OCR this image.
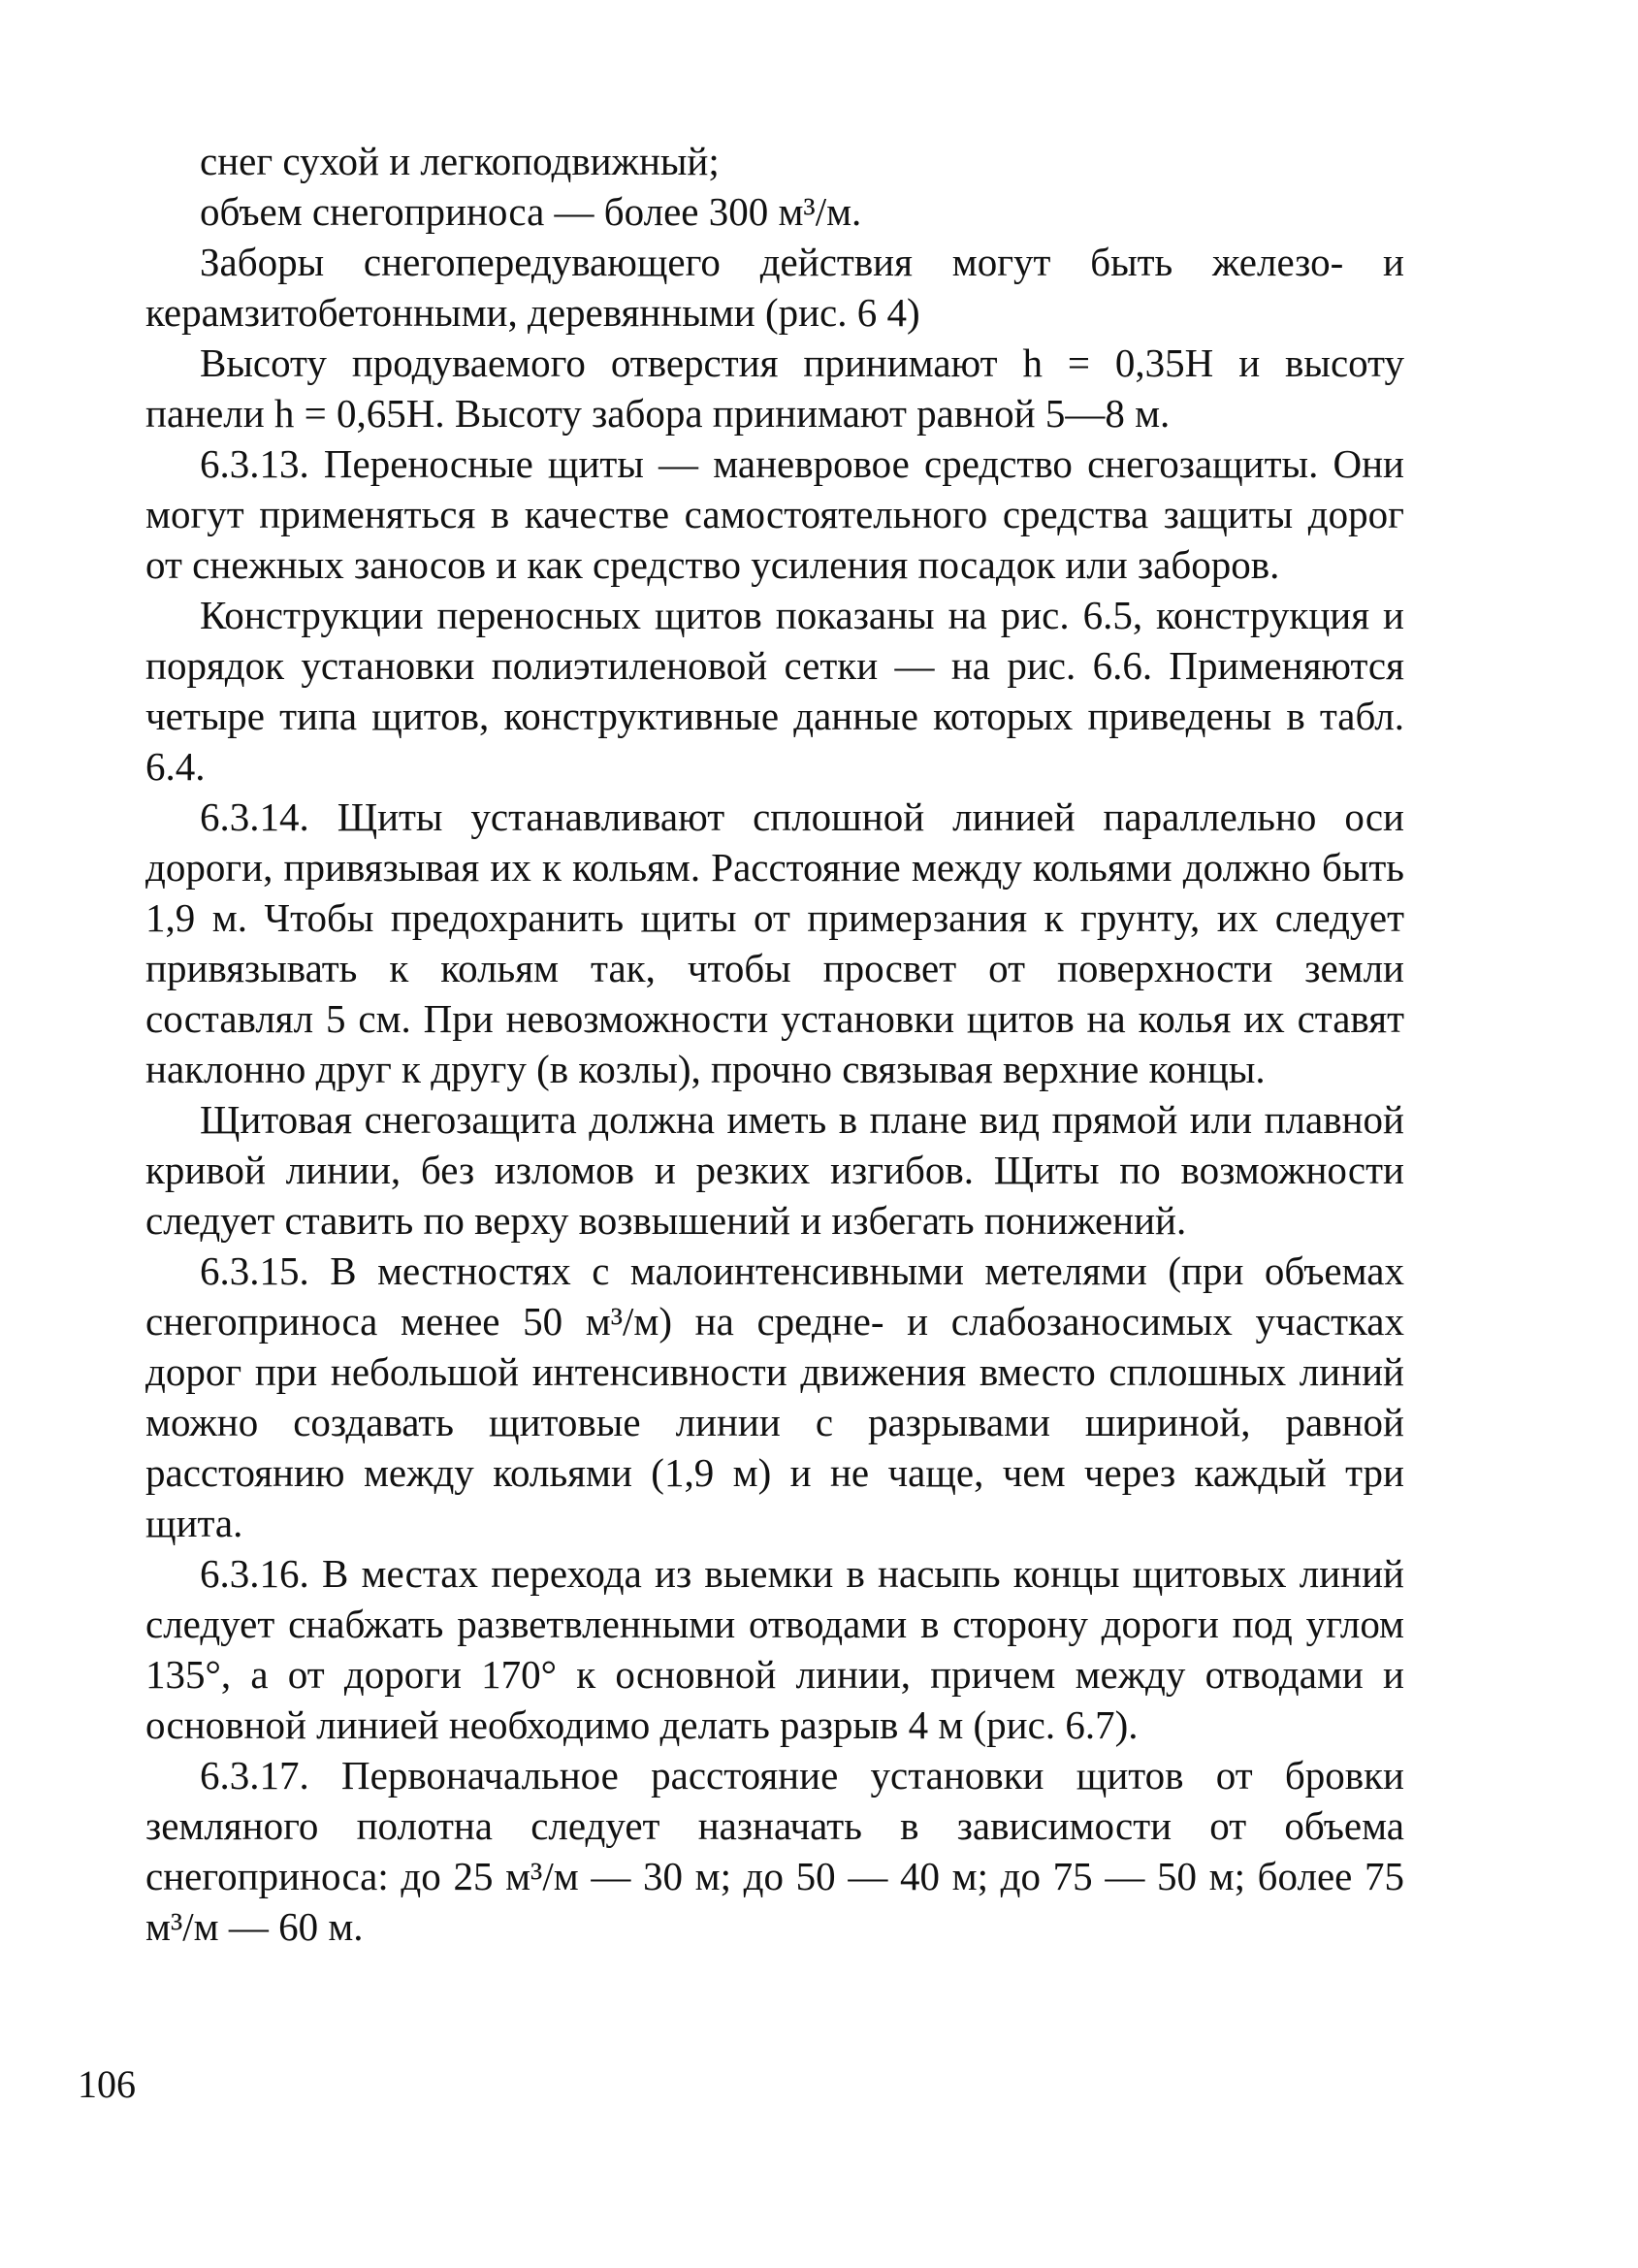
снег сухой и легкоподвижный;

объем снегоприноса — более 300 м³/м.

Заборы снегопередувающего действия могут быть железо- и керамзитобетонными, деревянными (рис. 6 4)

Высоту продуваемого отверстия принимают h = 0,35H и высоту панели h = 0,65H. Высоту забора принимают равной 5—8 м.

6.3.13. Переносные щиты — маневровое средство снегозащиты. Они могут применяться в качестве самостоятельного средства защиты дорог от снежных заносов и как средство усиления посадок или заборов.

Конструкции переносных щитов показаны на рис. 6.5, конструкция и порядок установки полиэтиленовой сетки — на рис. 6.6. Применяются четыре типа щитов, конструктивные данные которых приведены в табл. 6.4.

6.3.14. Щиты устанавливают сплошной линией параллельно оси дороги, привязывая их к кольям. Расстояние между кольями должно быть 1,9 м. Чтобы предохранить щиты от примерзания к грунту, их следует привязывать к кольям так, чтобы просвет от поверхности земли составлял 5 см. При невозможности установки щитов на колья их ставят наклонно друг к другу (в козлы), прочно связывая верхние концы.

Щитовая снегозащита должна иметь в плане вид прямой или плавной кривой линии, без изломов и резких изгибов. Щиты по возможности следует ставить по верху возвышений и избегать понижений.

6.3.15. В местностях с малоинтенсивными метелями (при объемах снегоприноса менее 50 м³/м) на средне- и слабозаносимых участках дорог при небольшой интенсивности движения вместо сплошных линий можно создавать щитовые линии с разрывами шириной, равной расстоянию между кольями (1,9 м) и не чаще, чем через каждый три щита.

6.3.16. В местах перехода из выемки в насыпь концы щитовых линий следует снабжать разветвленными отводами в сторону дороги под углом 135°, а от дороги 170° к основной линии, причем между отводами и основной линией необходимо делать разрыв 4 м (рис. 6.7).

6.3.17. Первоначальное расстояние установки щитов от бровки земляного полотна следует назначать в зависимости от объема снегоприноса: до 25 м³/м — 30 м; до 50 — 40 м; до 75 — 50 м; более 75 м³/м — 60 м.

106
